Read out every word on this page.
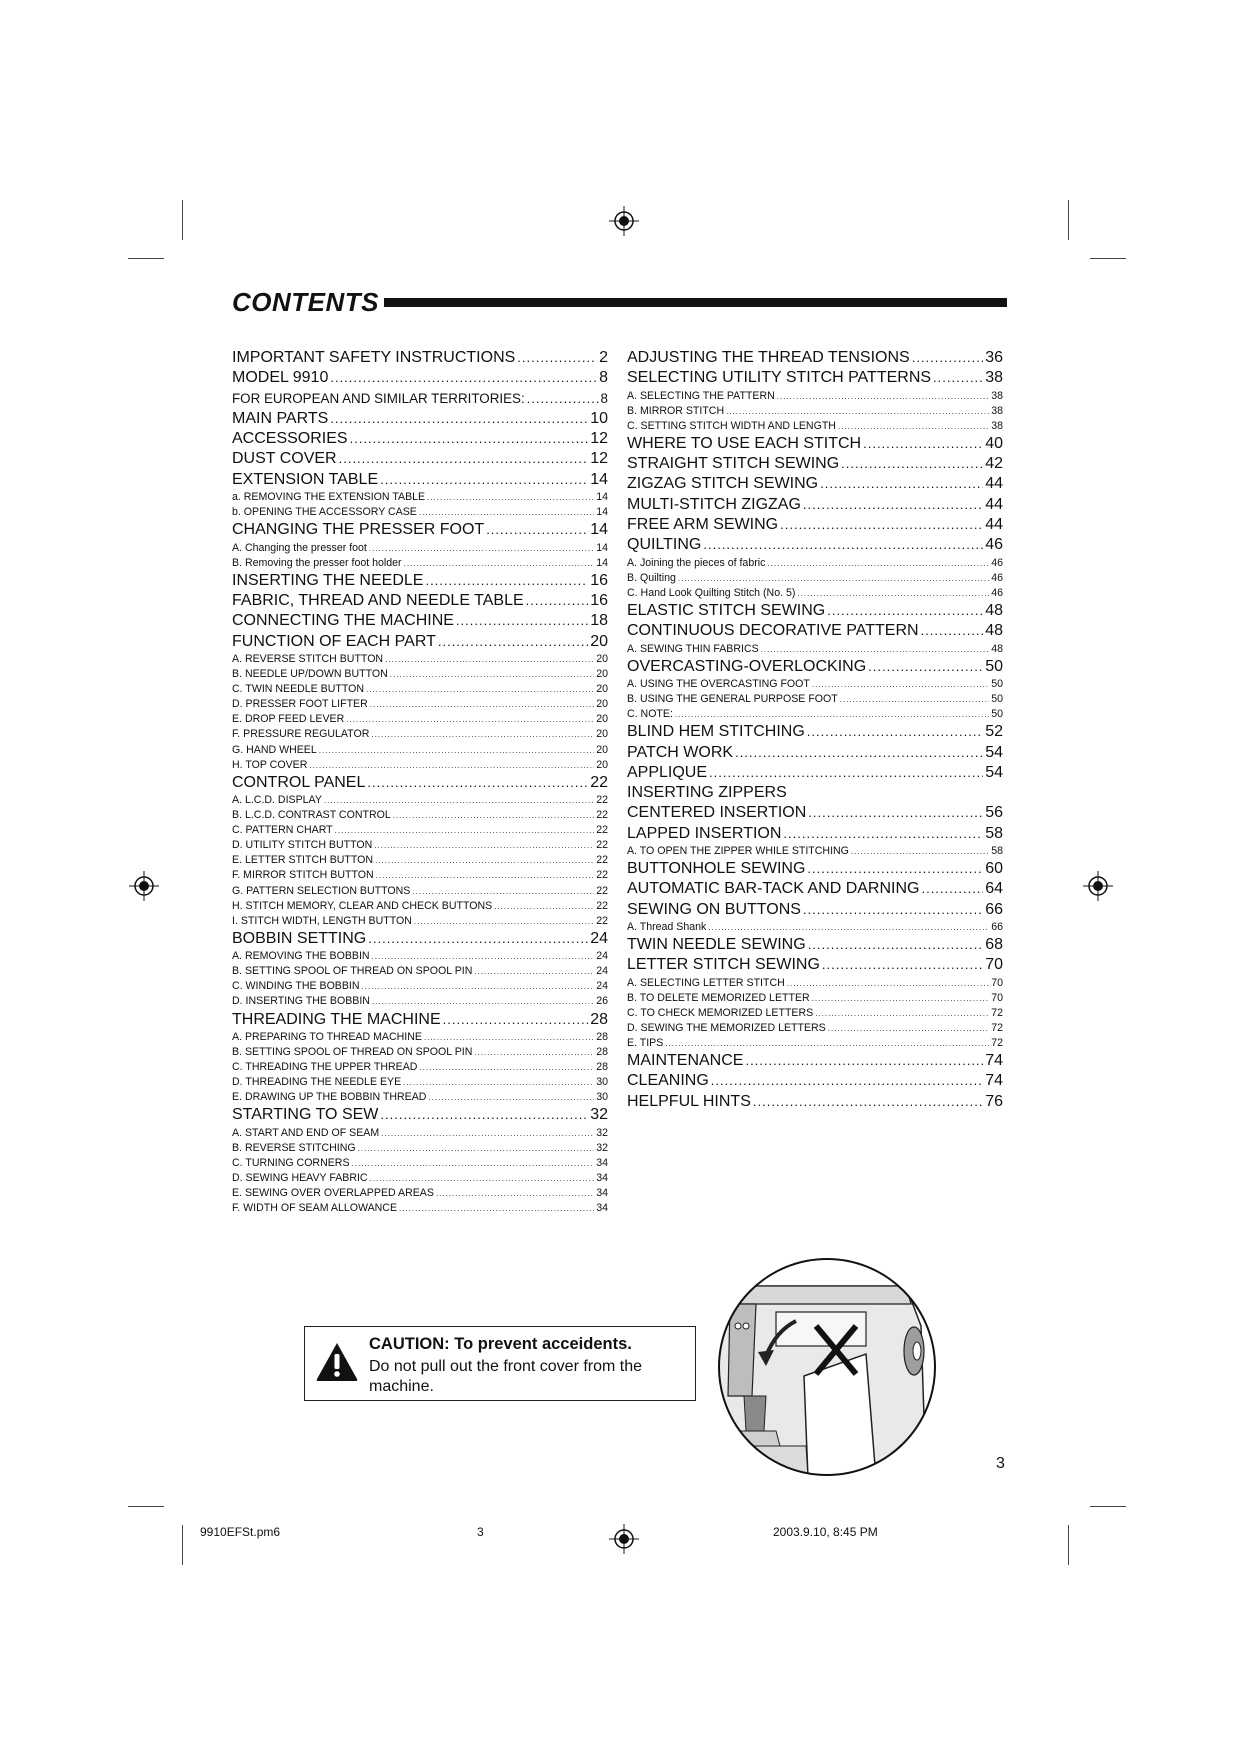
CONTENTS
IMPORTANT SAFETY INSTRUCTIONS .....	2
MODEL 9910 .....	8
FOR EUROPEAN AND SIMILAR TERRITORIES: .....	8
MAIN PARTS .....	10
ACCESSORIES .....	12
DUST COVER .....	12
EXTENSION TABLE .....	14
a. REMOVING THE EXTENSION TABLE .....	14
b. OPENING THE ACCESSORY CASE .....	14
CHANGING THE PRESSER FOOT .....	14
A. Changing the presser foot .....	14
B. Removing the presser foot holder .....	14
INSERTING THE NEEDLE .....	16
FABRIC, THREAD AND NEEDLE TABLE .....	16
CONNECTING THE MACHINE .....	18
FUNCTION OF EACH PART .....	20
A. REVERSE STITCH BUTTON .....	20
B. NEEDLE UP/DOWN BUTTON .....	20
C. TWIN NEEDLE BUTTON .....	20
D. PRESSER FOOT LIFTER .....	20
E. DROP FEED LEVER .....	20
F. PRESSURE REGULATOR .....	20
G. HAND WHEEL .....	20
H. TOP COVER .....	20
CONTROL PANEL .....	22
A. L.C.D. DISPLAY .....	22
B. L.C.D. CONTRAST CONTROL .....	22
C. PATTERN CHART .....	22
D. UTILITY STITCH BUTTON .....	22
E. LETTER STITCH BUTTON .....	22
F. MIRROR STITCH BUTTON .....	22
G. PATTERN SELECTION BUTTONS .....	22
H. STITCH MEMORY, CLEAR AND CHECK BUTTONS .....	22
I. STITCH WIDTH, LENGTH BUTTON .....	22
BOBBIN SETTING .....	24
A. REMOVING THE BOBBIN .....	24
B. SETTING SPOOL OF THREAD ON SPOOL PIN .....	24
C. WINDING THE BOBBIN .....	24
D. INSERTING THE BOBBIN .....	26
THREADING THE MACHINE .....	28
A. PREPARING TO THREAD MACHINE .....	28
B. SETTING SPOOL OF THREAD ON SPOOL PIN .....	28
C. THREADING THE UPPER THREAD .....	28
D. THREADING THE NEEDLE EYE .....	30
E. DRAWING UP THE BOBBIN THREAD .....	30
STARTING TO SEW .....	32
A. START AND END OF SEAM .....	32
B. REVERSE STITCHING .....	32
C. TURNING CORNERS .....	34
D. SEWING HEAVY FABRIC .....	34
E. SEWING OVER OVERLAPPED AREAS .....	34
F. WIDTH OF SEAM ALLOWANCE .....	34
ADJUSTING THE THREAD TENSIONS .....	36
SELECTING UTILITY STITCH PATTERNS .....	38
A. SELECTING THE PATTERN .....	38
B. MIRROR STITCH .....	38
C. SETTING STITCH WIDTH AND LENGTH .....	38
WHERE TO USE EACH STITCH .....	40
STRAIGHT STITCH SEWING .....	42
ZIGZAG STITCH SEWING .....	44
MULTI-STITCH ZIGZAG .....	44
FREE ARM SEWING .....	44
QUILTING .....	46
A. Joining the pieces of fabric .....	46
B. Quilting .....	46
C. Hand Look Quilting Stitch (No. 5) .....	46
ELASTIC STITCH SEWING .....	48
CONTINUOUS DECORATIVE PATTERN .....	48
A. SEWING THIN FABRICS .....	48
OVERCASTING-OVERLOCKING .....	50
A. USING THE OVERCASTING FOOT .....	50
B. USING THE GENERAL PURPOSE FOOT .....	50
C. NOTE: .....	50
BLIND HEM STITCHING .....	52
PATCH WORK .....	54
APPLIQUE .....	54
INSERTING ZIPPERS
CENTERED INSERTION .....	56
LAPPED INSERTION .....	58
A. TO OPEN THE ZIPPER WHILE STITCHING .....	58
BUTTONHOLE SEWING .....	60
AUTOMATIC BAR-TACK AND DARNING .....	64
SEWING ON BUTTONS .....	66
A. Thread Shank .....	66
TWIN NEEDLE SEWING .....	68
LETTER STITCH SEWING .....	70
A. SELECTING LETTER STITCH .....	70
B. TO DELETE MEMORIZED LETTER .....	70
C. TO CHECK MEMORIZED LETTERS .....	72
D. SEWING THE MEMORIZED LETTERS .....	72
E. TIPS .....	72
MAINTENANCE .....	74
CLEANING .....	74
HELPFUL HINTS .....	76
CAUTION: To prevent acceidents.
Do not pull out the front cover from the machine.
3
9910EFSt.pm6	3	2003.9.10, 8:45 PM
